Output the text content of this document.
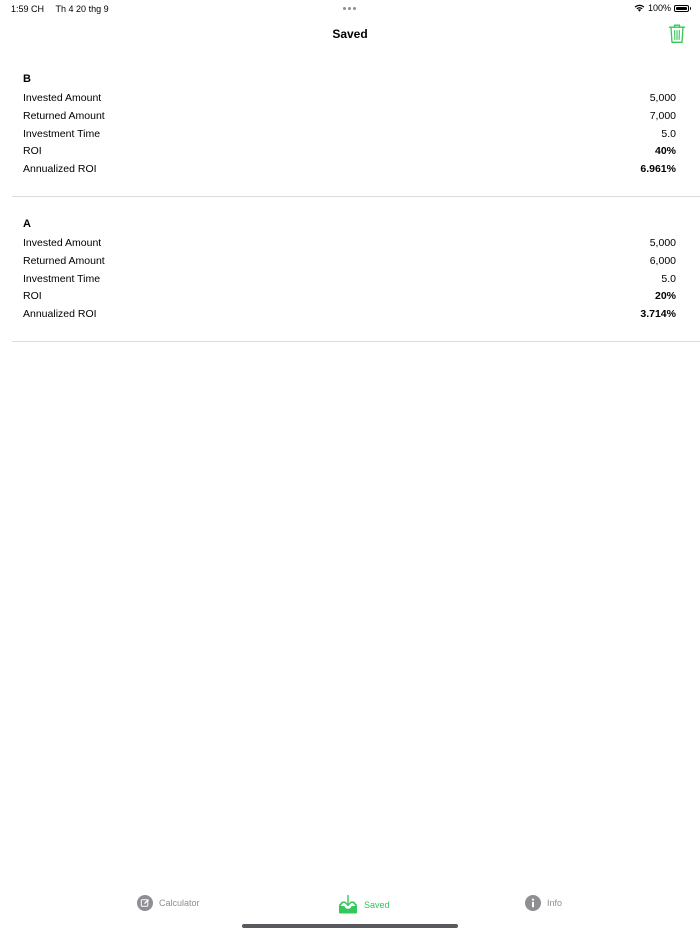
1:59 CH Th 4 20 thg 9	100%
Saved
B
Invested Amount	5,000
Returned Amount	7,000
Investment Time	5.0
ROI	40%
Annualized ROI	6.961%
A
Invested Amount	5,000
Returned Amount	6,000
Investment Time	5.0
ROI	20%
Annualized ROI	3.714%
Calculator	Saved	Info
